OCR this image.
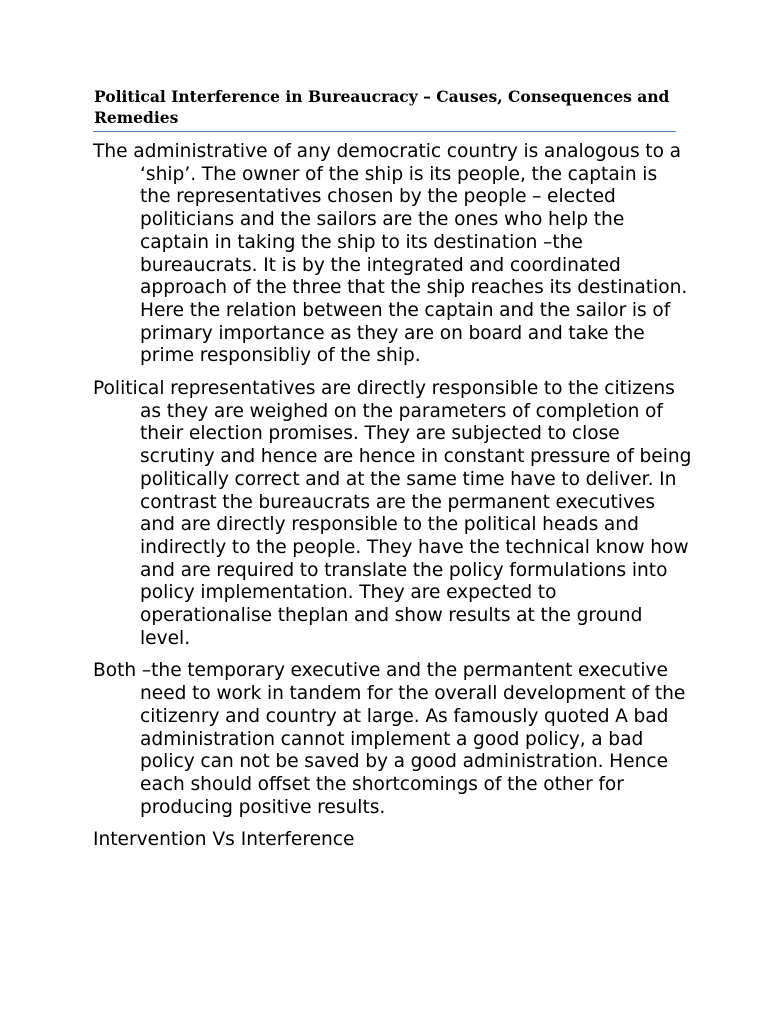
Political Interference in Bureaucracy – Causes, Consequences and Remedies

The administrative of any democratic country is analogous to a ‘ship’. The owner of the ship is its people, the captain is the representatives chosen by the people – elected politicians and the sailors are the ones who help the captain in taking the ship to its destination –the bureaucrats. It is by the integrated and coordinated approach of the three that the ship reaches its destination. Here the relation between the captain and the sailor is of primary importance as they are on board and take the prime responsibliy of the ship.

Political representatives are directly responsible to the citizens as they are weighed on the parameters of completion of their election promises. They are subjected to close scrutiny and hence are hence in constant pressure of being politically correct and at the same time have to deliver. In contrast the bureaucrats are the permanent executives and are directly responsible to the political heads and indirectly to the people. They have the technical know how and are required to translate the policy formulations into policy implementation. They are expected to operationalise theplan and show results at the ground level.

Both –the temporary executive and the permantent executive need to work in tandem for the overall development of the citizenry and country at large. As famously quoted A bad administration cannot implement a good policy, a bad policy can not be saved by a good administration. Hence each should offset the shortcomings of the other for producing positive results.

Intervention Vs Interference
